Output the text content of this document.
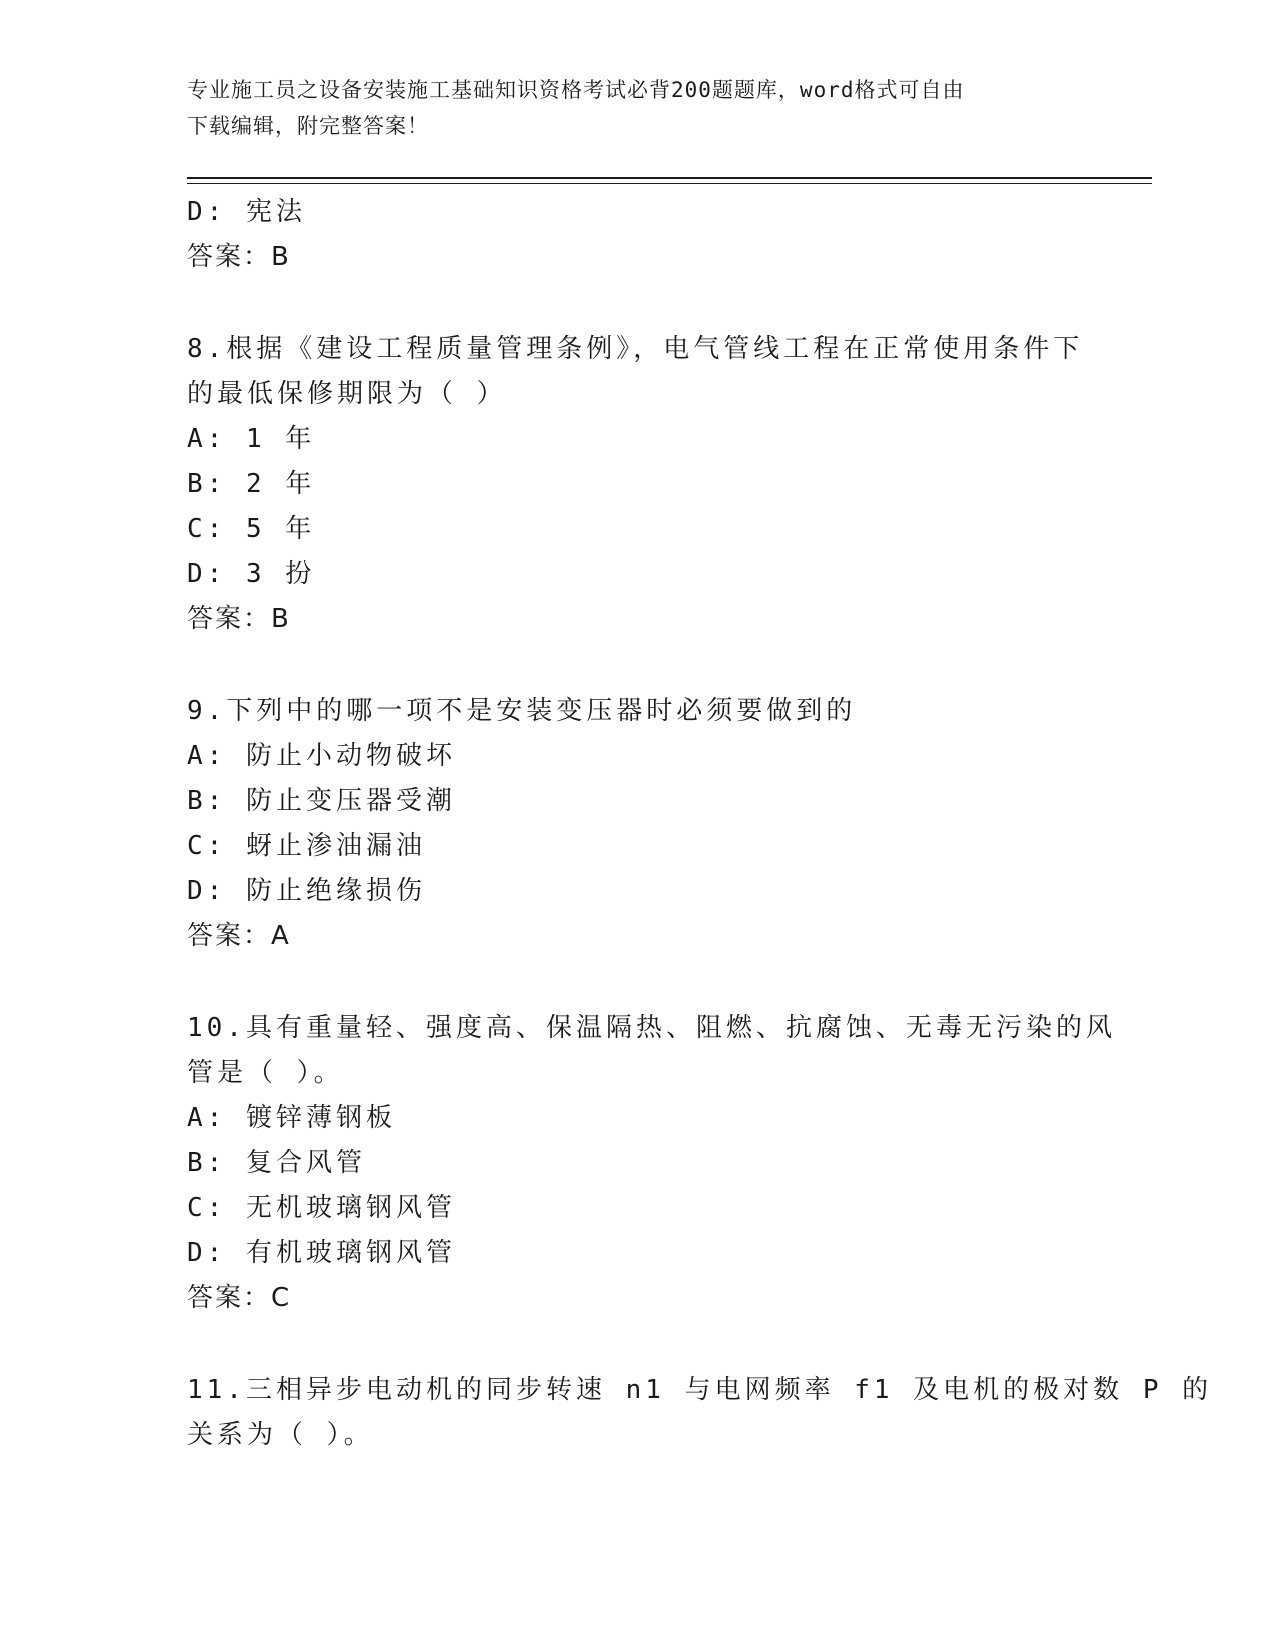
专业施工员之设备安装施工基础知识资格考试必背200题题库，word格式可自由
下载编辑，附完整答案！
D: 宪法
答案：B
8.根据《建设工程质量管理条例》，电气管线工程在正常使用条件下
的最低保修期限为（ ）
A: 1 年
B: 2 年
C: 5 年
D: 3 扮
答案：B
9.下列中的哪一项不是安装变压器时必须要做到的
A: 防止小动物破坏
B: 防止变压器受潮
C: 蚜止渗油漏油
D: 防止绝缘损伤
答案：A
10.具有重量轻、强度高、保温隔热、阻燃、抗腐蚀、无毒无污染的风
管是（ ）。
A: 镀锌薄钢板
B: 复合风管
C: 无机玻璃钢风管
D: 有机玻璃钢风管
答案：C
11.三相异步电动机的同步转速 n1 与电网频率 f1 及电机的极对数 P 的
关系为（ ）。
